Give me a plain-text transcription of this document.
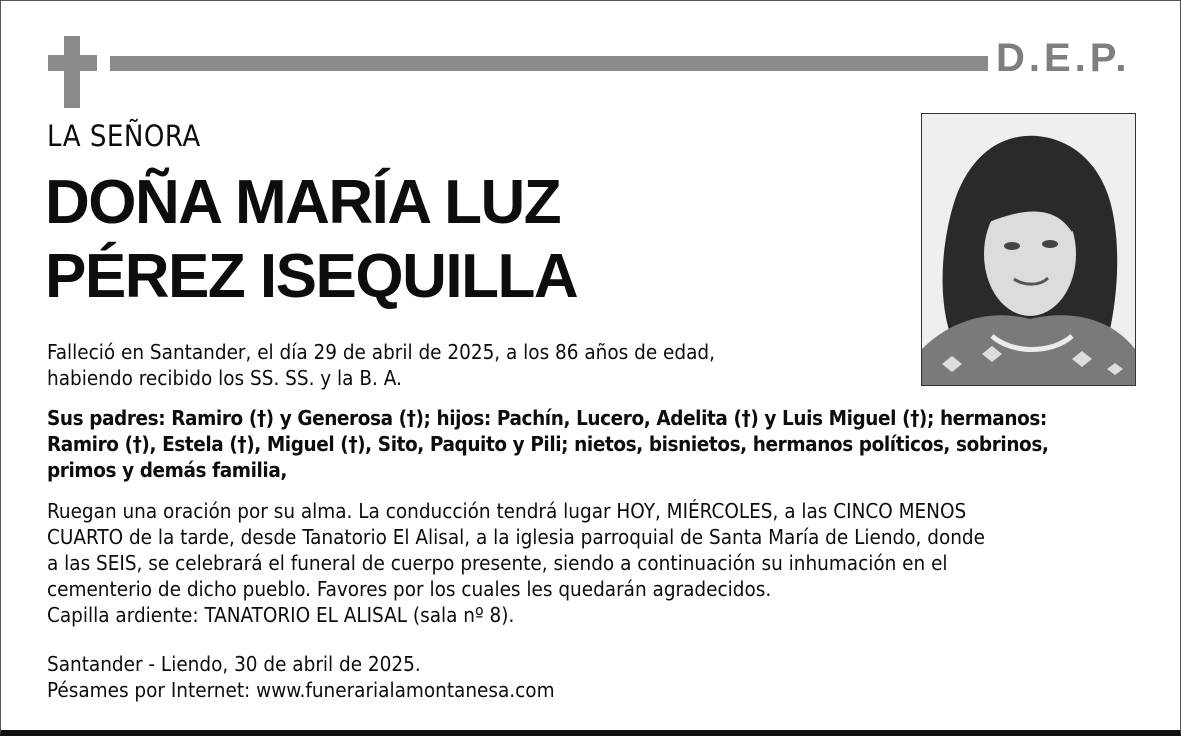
D.E.P.
LA SEÑORA
DOÑA MARÍA LUZ
PÉREZ ISEQUILLA
Falleció en Santander, el día 29 de abril de 2025, a los 86 años de edad,
habiendo recibido los SS. SS. y la B. A.
Sus padres: Ramiro (†) y Generosa (†); hijos: Pachín, Lucero, Adelita (†) y Luis Miguel (†); hermanos:
Ramiro (†), Estela (†), Miguel (†), Sito, Paquito y Pili; nietos, bisnietos, hermanos políticos, sobrinos,
primos y demás familia,
Ruegan una oración por su alma. La conducción tendrá lugar HOY, MIÉRCOLES, a las CINCO MENOS
CUARTO de la tarde, desde Tanatorio El Alisal, a la iglesia parroquial de Santa María de Liendo, donde
a las SEIS, se celebrará el funeral de cuerpo presente, siendo a continuación su inhumación en el
cementerio de dicho pueblo. Favores por los cuales les quedarán agradecidos.
Capilla ardiente: TANATORIO EL ALISAL (sala nº 8).
Santander - Liendo, 30 de abril de 2025.
Pésames por Internet: www.funerarialamontanesa.com
